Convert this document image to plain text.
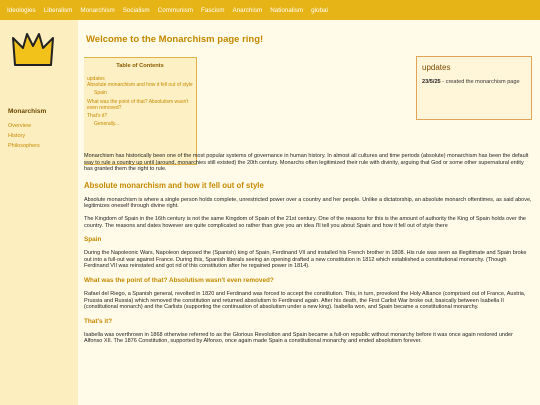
Ideologies Liberalism Monarchism Socialism Communism Fascism Anarchism Nationalism global
Monarchism
Overview
History
Philosophers
Welcome to the Monarchism page ring!
Table of Contents
updates
Absolute monarchism and how it fell out of style
Spain
What was the point of that? Absolutism wasn't even removed?
That's it?
Generally...
updates
23/5/25 - created the monarchism page

Monarchism has historically been one of the most popular systems of governance in human history. In almost all cultures and time periods (absolute) monarchism has been the default way to rule a country up until (around, monarchies still existed) the 20th century. Monarchs often legitimized their rule with divinity, arguing that God or some other supernatural entity has granted them the right to rule.

Absolute monarchism and how it fell out of style

Absolute monarchism is where a single person holds complete, unrestricted power over a country and her people. Unlike a dictatorship, an absolute monarch oftentimes, as said above, legitimizes oneself through divine right.

The Kingdom of Spain in the 16th century is not the same Kingdom of Spain of the 21st century. One of the reasons for this is the amount of authority the King of Spain holds over the country. The reasons and dates however are quite complicated so rather than give you an idea I'll tell you about Spain and how it fell out of style there

Spain

During the Napoleonic Wars, Napoleon deposed the (Spanish) king of Spain, Ferdinand VII and installed his French brother in 1808. His rule was seen as illegitimate and Spain broke out into a full-out war against France. During this, Spanish liberals seeing an opening drafted a new constitution in 1812 which established a constitutional monarchy. (Though Ferdinand VII was reinstated and got rid of this constitution after he regained power in 1814).

What was the point of that? Absolutism wasn't even removed?

Rafael del Riego, a Spanish general, revolted in 1820 and Ferdinand was forced to accept the constitution. This, in turn, provoked the Holy Alliance (comprised out of France, Austria, Prussia and Russia) which removed the constitution and returned absolutism to Ferdinand again. After his death, the First Carlist War broke out, basically between Isabella II (constitutional monarch) and the Carlists (supporting the continuation of absolutism under a new king). Isabella won, and Spain became a constitutional monarchy.

That's it?

Isabella was overthrown in 1868 otherwise referred to as the Glorious Revolution and Spain became a full-on republic without monarchy before it was once again restored under Alfonso XII. The 1876 Constitution, supported by Alfonso, once again made Spain a constitutional monarchy and ended absolutism forever.
